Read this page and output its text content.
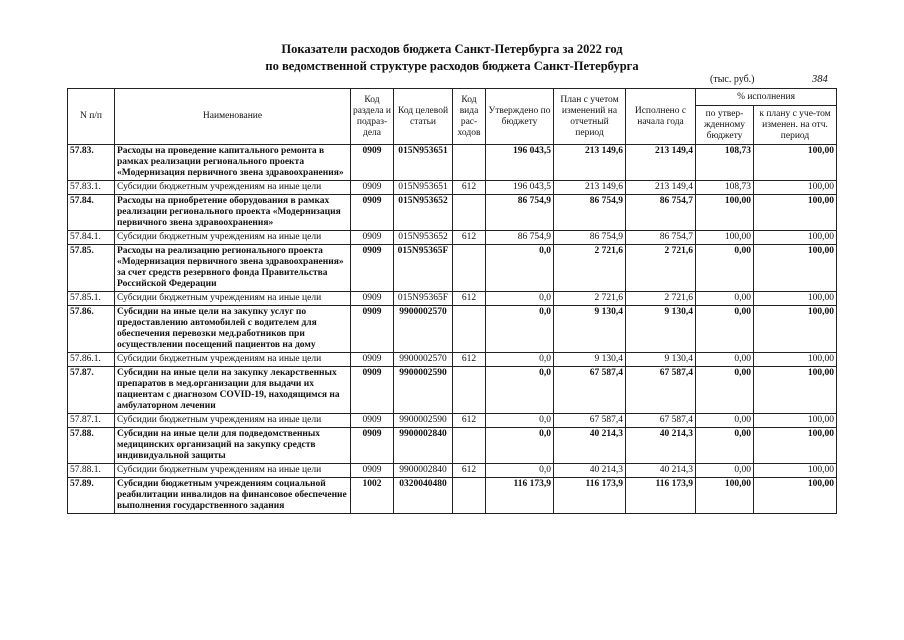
Показатели расходов бюджета Санкт-Петербурга за 2022 год
по ведомственной структуре расходов бюджета Санкт-Петербурга
(тыс. руб.)	384
N п/п	Наименование	Код раздела и подраз-дела	Код целевой статьи	Код вида рас-ходов	Утверждено по бюджету	План с учетом изменений на отчетный период	Исполнено с начала года	% исполнения	
								по утвер-жденному бюджету	к плану с уче-том изменен. на отч. период
57.83.	Расходы на проведение капитального ремонта в рамках реализации регионального проекта «Модернизация первичного звена здравоохранения»	0909	015N953651		196 043,5	213 149,6	213 149,4	108,73	100,00
57.83.1.	Субсидии бюджетным учреждениям на иные цели	0909	015N953651	612	196 043,5	213 149,6	213 149,4	108,73	100,00
57.84.	Расходы на приобретение оборудования в рамках реализации регионального проекта «Модернизация первичного звена здравоохранения»	0909	015N953652		86 754,9	86 754,9	86 754,7	100,00	100,00
57.84.1.	Субсидии бюджетным учреждениям на иные цели	0909	015N953652	612	86 754,9	86 754,9	86 754,7	100,00	100,00
57.85.	Расходы на реализацию регионального проекта «Модернизация первичного звена здравоохранения» за счет средств резервного фонда Правительства Российской Федерации	0909	015N95365F		0,0	2 721,6	2 721,6	0,00	100,00
57.85.1.	Субсидии бюджетным учреждениям на иные цели	0909	015N95365F	612	0,0	2 721,6	2 721,6	0,00	100,00
57.86.	Субсидии на иные цели на закупку услуг по предоставлению автомобилей с водителем для обеспечения перевозки мед.работников при осуществлении посещений пациентов на дому	0909	9900002570		0,0	9 130,4	9 130,4	0,00	100,00
57.86.1.	Субсидии бюджетным учреждениям на иные цели	0909	9900002570	612	0,0	9 130,4	9 130,4	0,00	100,00
57.87.	Субсидии на иные цели на закупку лекарственных препаратов в мед.организации для выдачи их пациентам с диагнозом COVID-19, находящимся на амбулаторном лечении	0909	9900002590		0,0	67 587,4	67 587,4	0,00	100,00
57.87.1.	Субсидии бюджетным учреждениям на иные цели	0909	9900002590	612	0,0	67 587,4	67 587,4	0,00	100,00
57.88.	Субсидии на иные цели для подведомственных медицинских организаций на закупку средств индивидуальной защиты	0909	9900002840		0,0	40 214,3	40 214,3	0,00	100,00
57.88.1.	Субсидии бюджетным учреждениям на иные цели	0909	9900002840	612	0,0	40 214,3	40 214,3	0,00	100,00
57.89.	Субсидии бюджетным учреждениям социальной реабилитации инвалидов на финансовое обеспечение выполнения государственного задания	1002	0320040480		116 173,9	116 173,9	116 173,9	100,00	100,00
